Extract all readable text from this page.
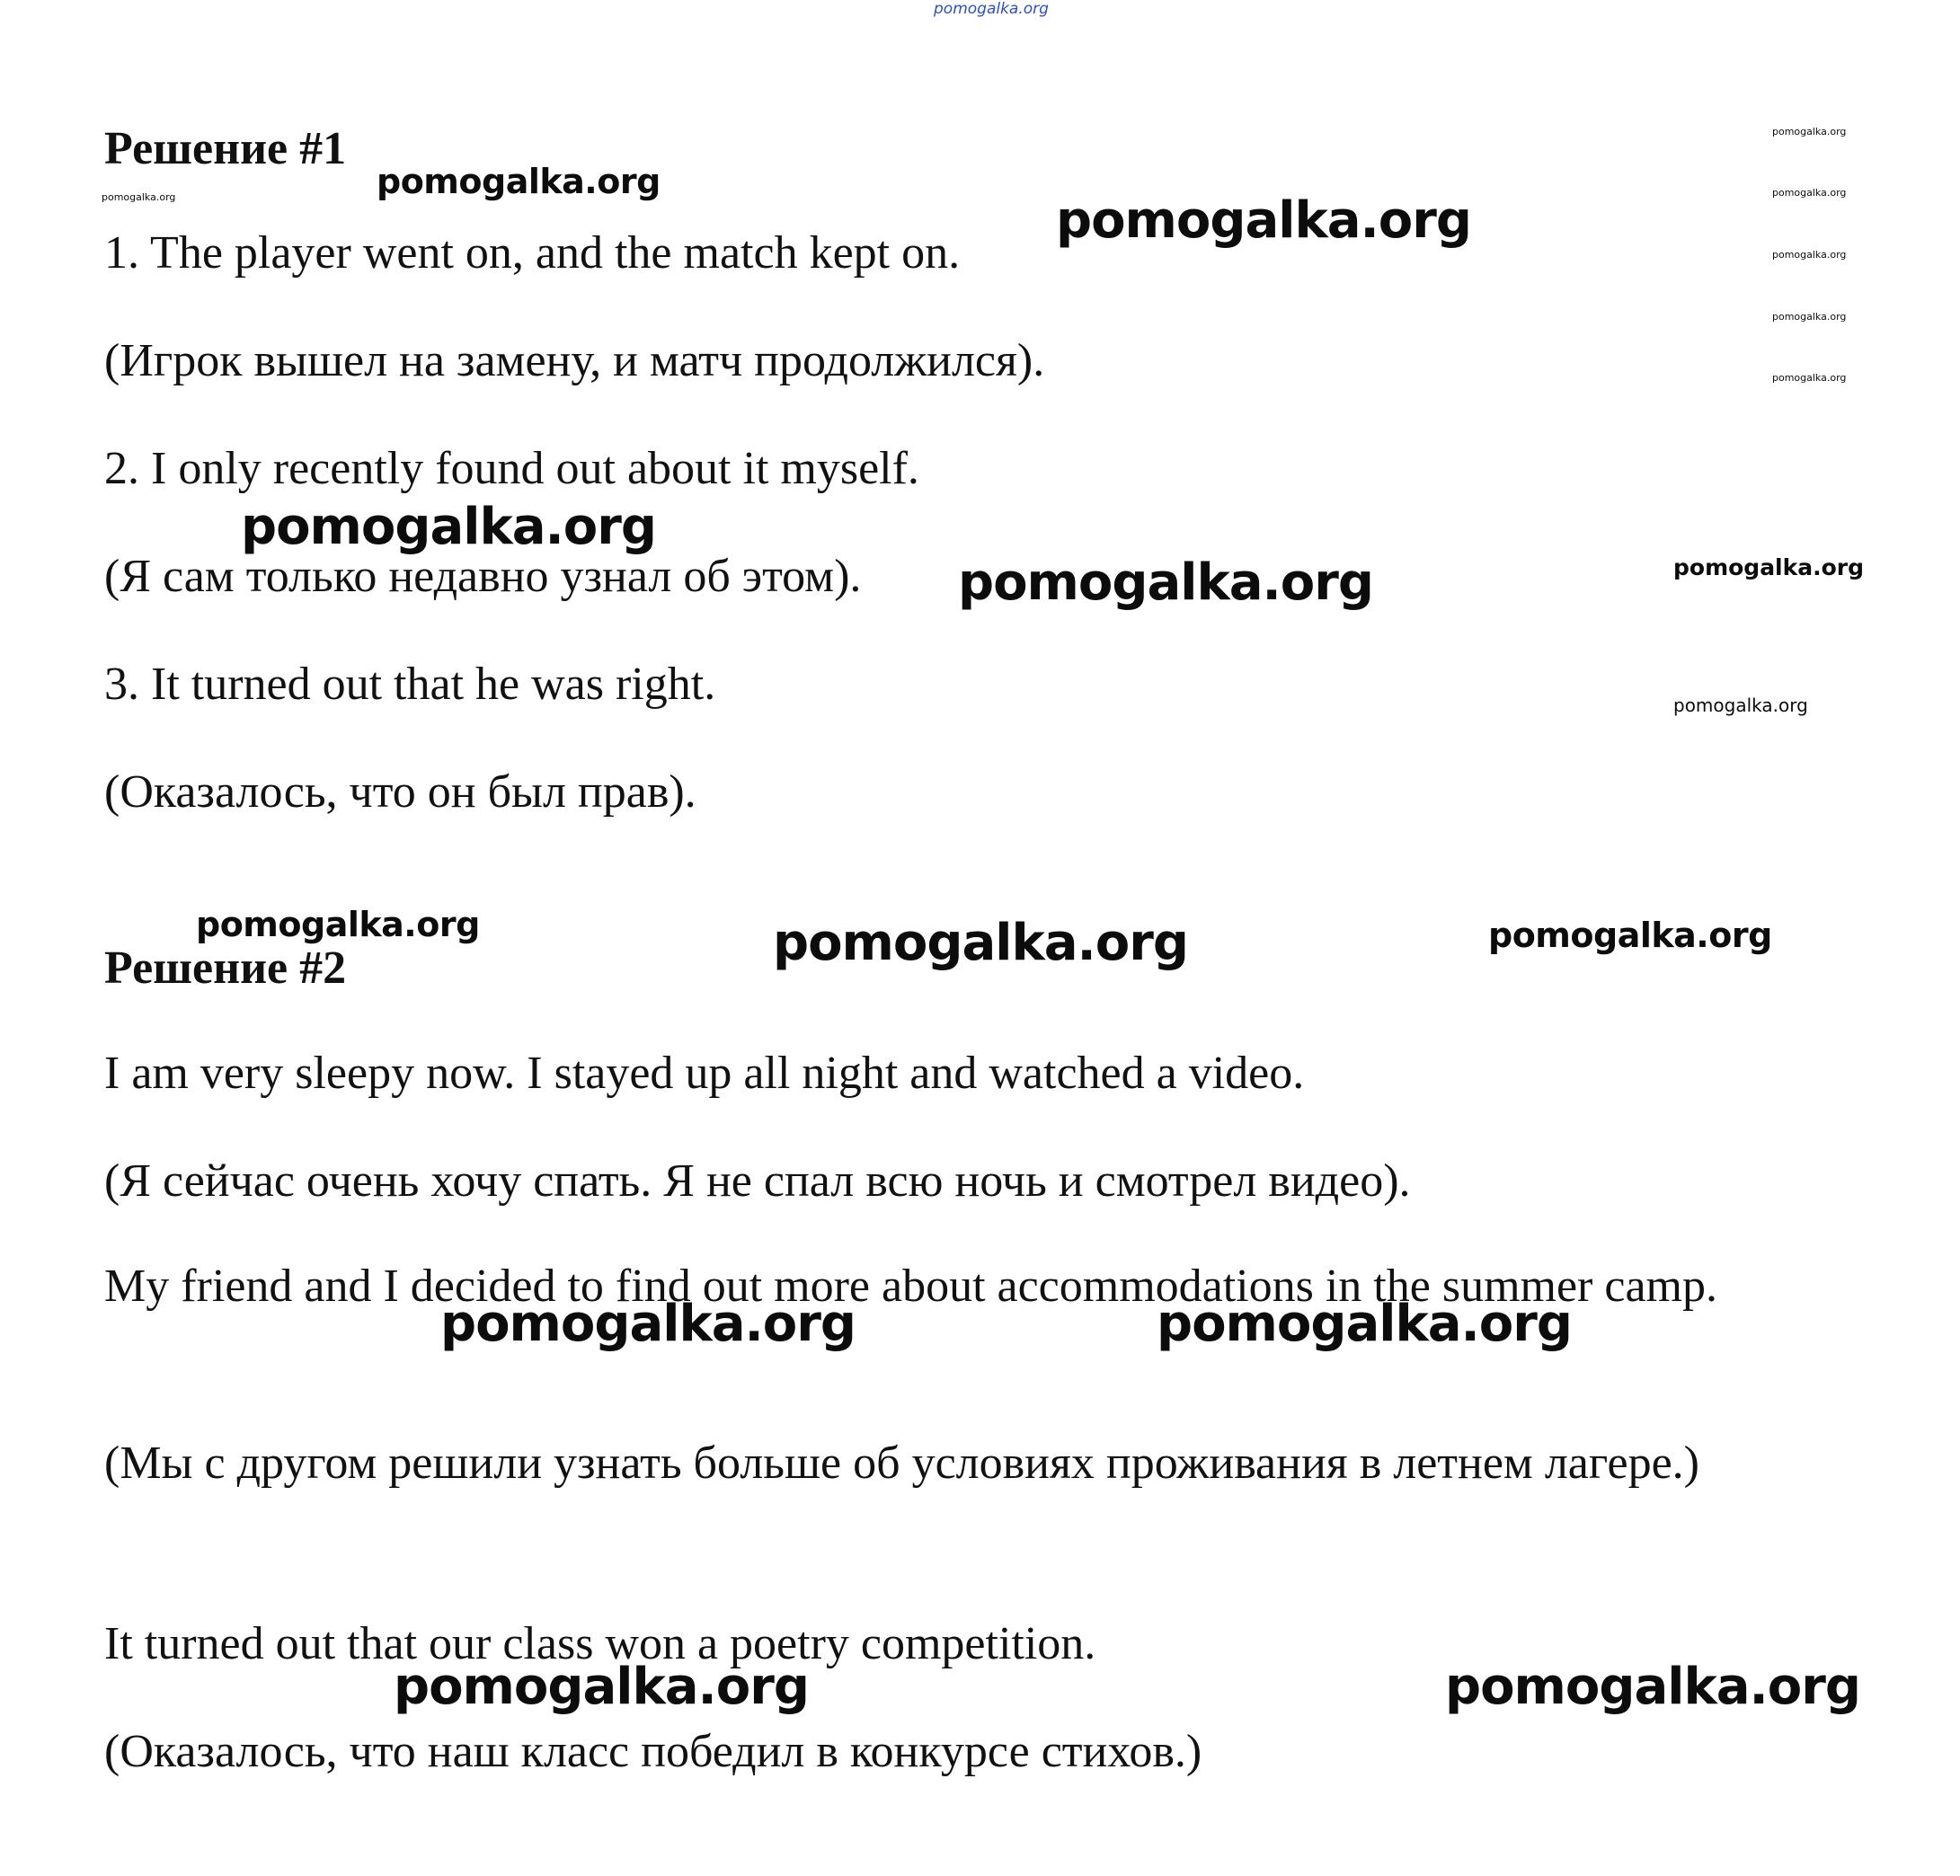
pomogalka.org
pomogalka.org
pomogalka.org	pomogalka.org
pomogalka.org
pomogalka.org
pomogalka.org
pomogalka.org
pomogalka.org
pomogalka.org
pomogalka.org	pomogalka.org
pomogalka.org
pomogalka.org	pomogalka.org	pomogalka.org
pomogalka.org	pomogalka.org
pomogalka.org	pomogalka.org
Решение #1

1. The player went on, and the match kept on.

(Игрок вышел на замену, и матч продолжился).

2. I only recently found out about it myself.

(Я сам только недавно узнал об этом).

3. It turned out that he was right.

(Оказалось, что он был прав).

Решение #2

I am very sleepy now. I stayed up all night and watched a video.

(Я сейчас очень хочу спать. Я не спал всю ночь и смотрел видео).

My friend and I decided to find out more about accommodations in the summer camp.

(Мы с другом решили узнать больше об условиях проживания в летнем лагере.)

It turned out that our class won a poetry competition.

(Оказалось, что наш класс победил в конкурсе стихов.)
